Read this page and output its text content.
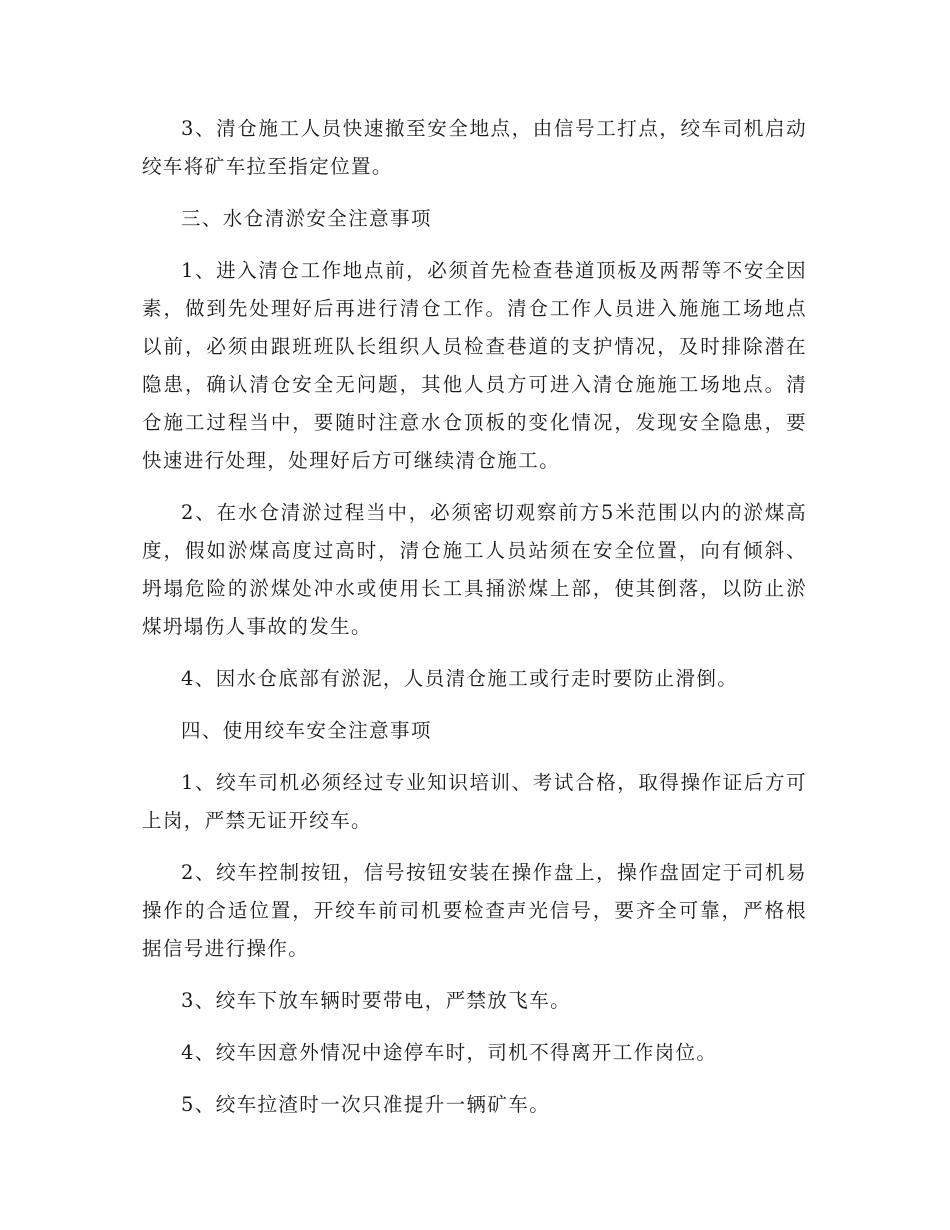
3、清仓施工人员快速撤至安全地点，由信号工打点，绞车司机启动绞车将矿车拉至指定位置。

三、水仓清淤安全注意事项

1、进入清仓工作地点前，必须首先检查巷道顶板及两帮等不安全因素，做到先处理好后再进行清仓工作。清仓工作人员进入施施工场地点以前，必须由跟班班队长组织人员检查巷道的支护情况，及时排除潜在隐患，确认清仓安全无问题，其他人员方可进入清仓施施工场地点。清仓施工过程当中，要随时注意水仓顶板的变化情况，发现安全隐患，要快速进行处理，处理好后方可继续清仓施工。

2、在水仓清淤过程当中，必须密切观察前方5米范围以内的淤煤高度，假如淤煤高度过高时，清仓施工人员站须在安全位置，向有倾斜、坍塌危险的淤煤处冲水或使用长工具捅淤煤上部，使其倒落，以防止淤煤坍塌伤人事故的发生。

4、因水仓底部有淤泥，人员清仓施工或行走时要防止滑倒。

四、使用绞车安全注意事项

1、绞车司机必须经过专业知识培训、考试合格，取得操作证后方可上岗，严禁无证开绞车。

2、绞车控制按钮，信号按钮安装在操作盘上，操作盘固定于司机易操作的合适位置，开绞车前司机要检查声光信号，要齐全可靠，严格根据信号进行操作。

3、绞车下放车辆时要带电，严禁放飞车。

4、绞车因意外情况中途停车时，司机不得离开工作岗位。

5、绞车拉渣时一次只准提升一辆矿车。
